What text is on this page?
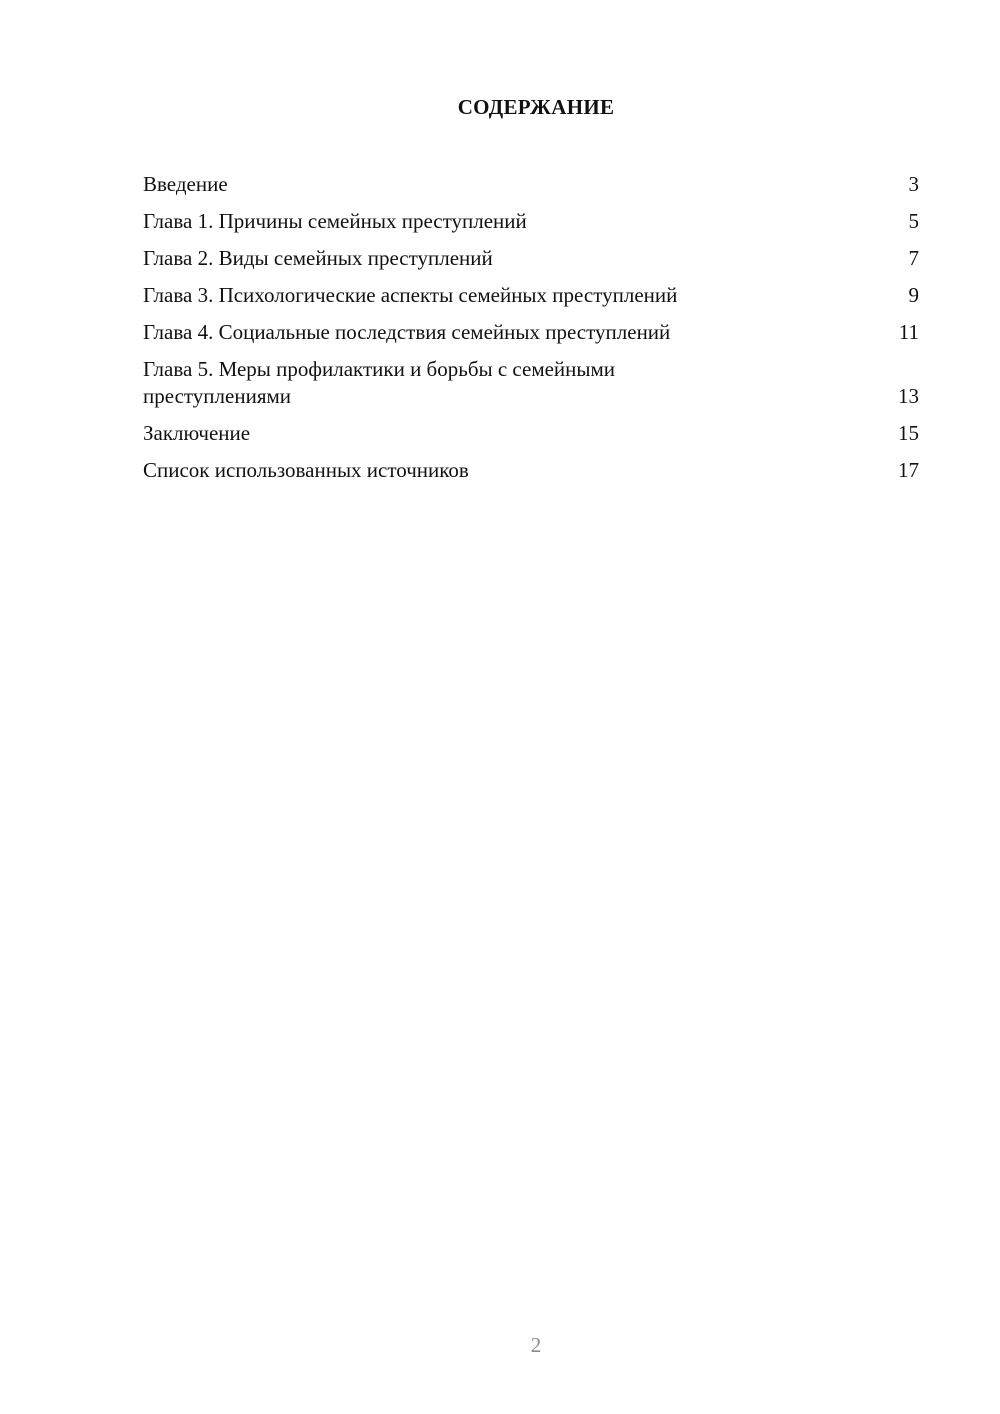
СОДЕРЖАНИЕ
Введение	3
Глава 1. Причины семейных преступлений	5
Глава 2. Виды семейных преступлений	7
Глава 3. Психологические аспекты семейных преступлений	9
Глава 4. Социальные последствия семейных преступлений	11
Глава 5. Меры профилактики и борьбы с семейными преступлениями	13
Заключение	15
Список использованных источников	17
2
